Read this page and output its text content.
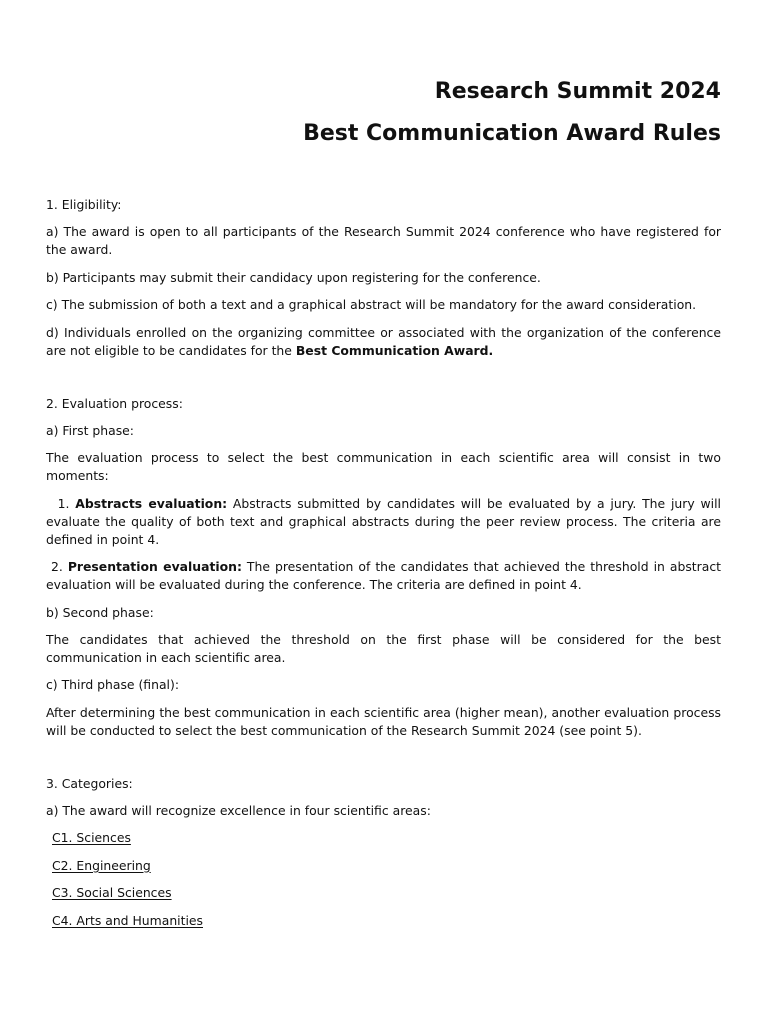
Research Summit 2024
Best Communication Award Rules

1. Eligibility:

a) The award is open to all participants of the Research Summit 2024 conference who have registered for the award.

b) Participants may submit their candidacy upon registering for the conference.

c) The submission of both a text and a graphical abstract will be mandatory for the award consideration.

d) Individuals enrolled on the organizing committee or associated with the organization of the conference are not eligible to be candidates for the Best Communication Award.

2. Evaluation process:

a) First phase:

The evaluation process to select the best communication in each scientific area will consist in two moments:

1. Abstracts evaluation: Abstracts submitted by candidates will be evaluated by a jury. The jury will evaluate the quality of both text and graphical abstracts during the peer review process. The criteria are defined in point 4.

2. Presentation evaluation: The presentation of the candidates that achieved the threshold in abstract evaluation will be evaluated during the conference. The criteria are defined in point 4.

b) Second phase:

The candidates that achieved the threshold on the first phase will be considered for the best communication in each scientific area.

c) Third phase (final):

After determining the best communication in each scientific area (higher mean), another evaluation process will be conducted to select the best communication of the Research Summit 2024 (see point 5).

3. Categories:

a) The award will recognize excellence in four scientific areas:

C1. Sciences

C2. Engineering

C3. Social Sciences

C4. Arts and Humanities
